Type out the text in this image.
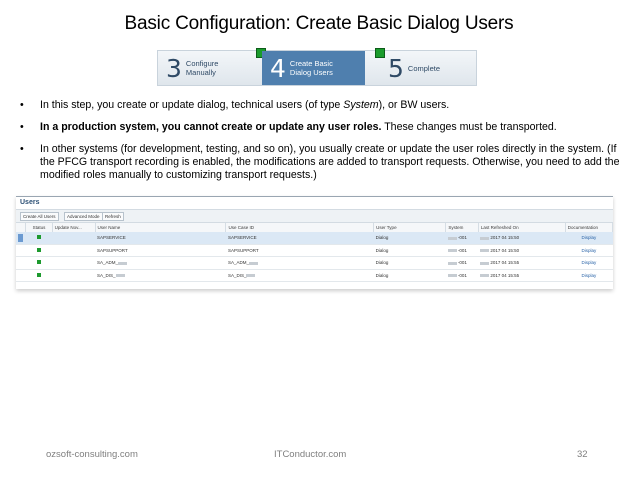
Basic Configuration: Create Basic Dialog Users
3 Configure
Manually 4 Create Basic
Dialog Users 5 Complete
• In this step, you create or update dialog, technical users (of type System), or BW users.
• In a production system, you cannot create or update any user roles. These changes must be transported.
• In other systems (for development, testing, and so on), you usually create or update the user roles directly in the system. (If the PFCG transport recording is enabled, the modifications are added to transport requests. Otherwise, you need to add the modified roles manually to customizing transport requests.)
Users
Create All Users	Advanced Mode	Refresh
	Status	Update Nov...	User Name	Use Case ID	User Type	System	Last Refreshed On	Documentation
			SAPSERVICE	SAPSERVICE	Dialog	-001	2017 04 15:50	Display
			SAPSUPPORT	SAPSUPPORT	Dialog	-001	2017 04 15:50	Display
			SA_ADM_	SA_ADM_	Dialog	-001	2017 04 15:55	Display
			SA_DIS_	SA_DIS_	Dialog	-001	2017 04 15:55	Display
ozsoft-consulting.com	ITConductor.com	32
